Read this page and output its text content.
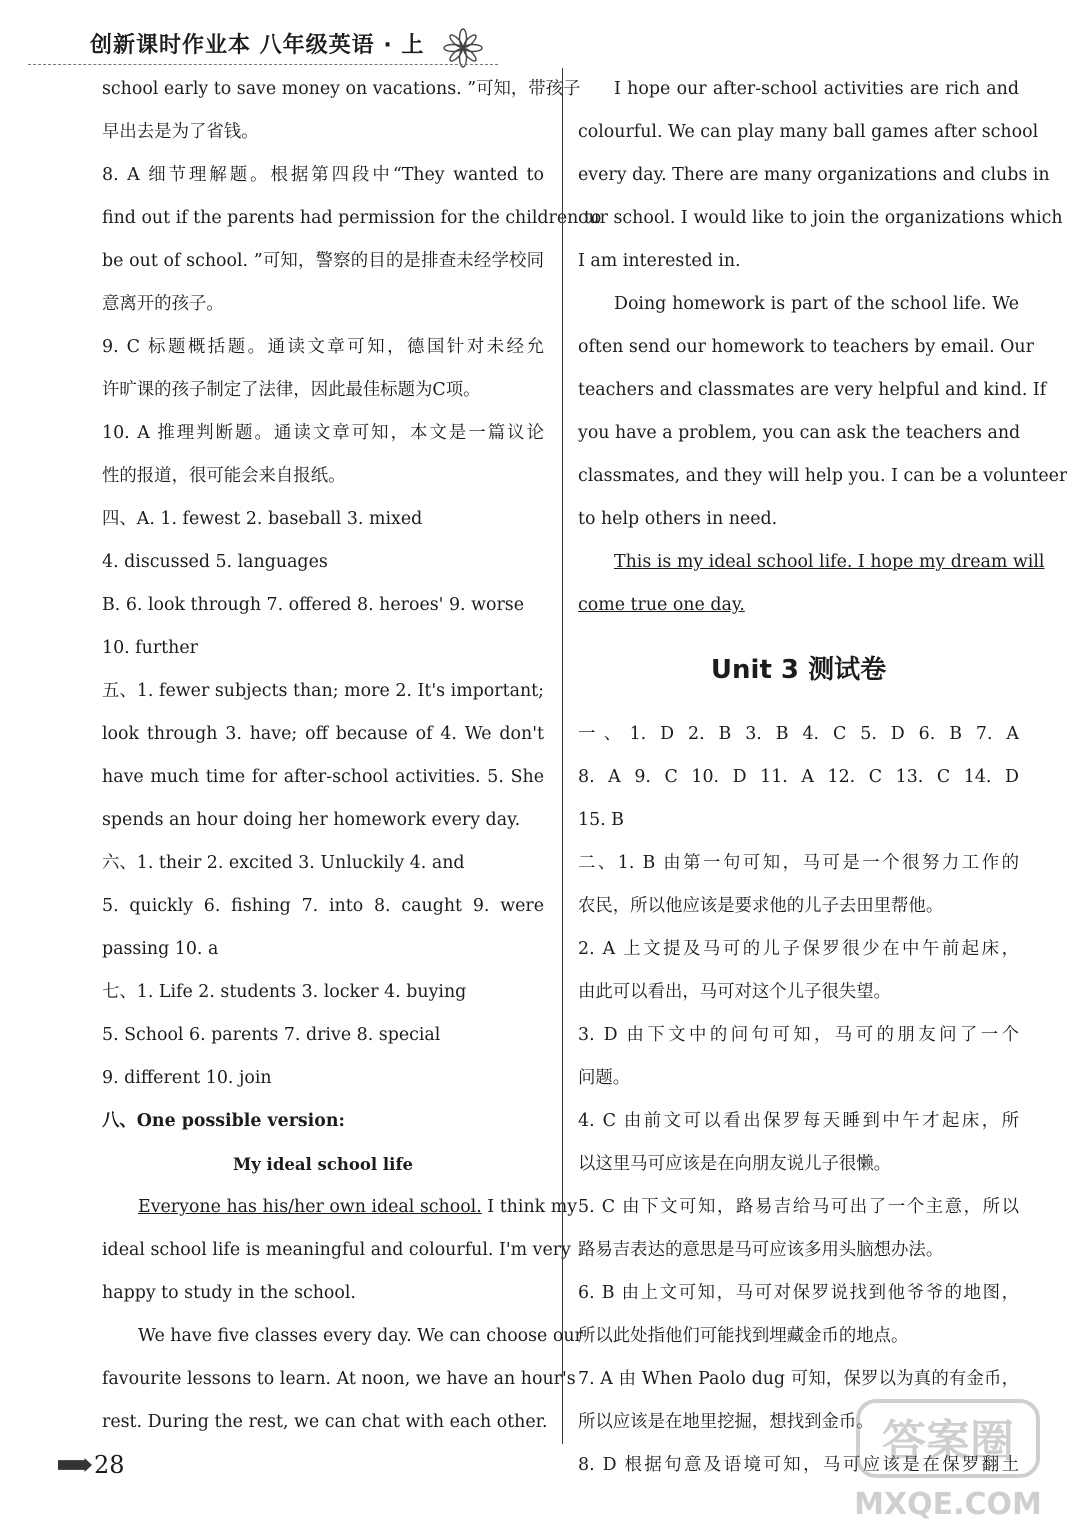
创新课时作业本 八年级英语 · 上
school early to save money on vacations. ”可知，带孩子
早出去是为了省钱。
8. A 细节理解题。根据第四段中“They wanted to
find out if the parents had permission for the children to
be out of school. ”可知，警察的目的是排查未经学校同
意离开的孩子。
9. C 标题概括题。通读文章可知，德国针对未经允
许旷课的孩子制定了法律，因此最佳标题为C项。
10. A 推理判断题。通读文章可知，本文是一篇议论
性的报道，很可能会来自报纸。
四、A. 1. fewest 2. baseball 3. mixed
4. discussed 5. languages
B. 6. look through 7. offered 8. heroes' 9. worse
10. further
五、1. fewer subjects than; more 2. It's important;
look through 3. have; off because of 4. We don't
have much time for after-school activities. 5. She
spends an hour doing her homework every day.
六、1. their 2. excited 3. Unluckily 4. and
5. quickly 6. fishing 7. into 8. caught 9. were
passing 10. a
七、1. Life 2. students 3. locker 4. buying
5. School 6. parents 7. drive 8. special
9. different 10. join
八、One possible version:
My ideal school life
Everyone has his/her own ideal school. I think my
ideal school life is meaningful and colourful. I'm very
happy to study in the school.
We have five classes every day. We can choose our
favourite lessons to learn. At noon, we have an hour's
rest. During the rest, we can chat with each other.
I hope our after-school activities are rich and
colourful. We can play many ball games after school
every day. There are many organizations and clubs in
our school. I would like to join the organizations which
I am interested in.
Doing homework is part of the school life. We
often send our homework to teachers by email. Our
teachers and classmates are very helpful and kind. If
you have a problem, you can ask the teachers and
classmates, and they will help you. I can be a volunteer
to help others in need.
This is my ideal school life. I hope my dream will
come true one day.
Unit 3 测试卷
一、1. D 2. B 3. B 4. C 5. D 6. B 7. A
8. A 9. C 10. D 11. A 12. C 13. C 14. D
15. B
二、1. B 由第一句可知，马可是一个很努力工作的
农民，所以他应该是要求他的儿子去田里帮他。
2. A 上文提及马可的儿子保罗很少在中午前起床，
由此可以看出，马可对这个儿子很失望。
3. D 由下文中的问句可知，马可的朋友问了一个
问题。
4. C 由前文可以看出保罗每天睡到中午才起床，所
以这里马可应该是在向朋友说儿子很懒。
5. C 由下文可知，路易吉给马可出了一个主意，所以
路易吉表达的意思是马可应该多用头脑想办法。
6. B 由上文可知，马可对保罗说找到他爷爷的地图，
所以此处指他们可能找到埋藏金币的地点。
7. A 由 When Paolo dug 可知，保罗以为真的有金币，
所以应该是在地里挖掘，想找到金币。
8. D 根据句意及语境可知，马可应该是在保罗翻土
28	答案圈
MXQE.COM
